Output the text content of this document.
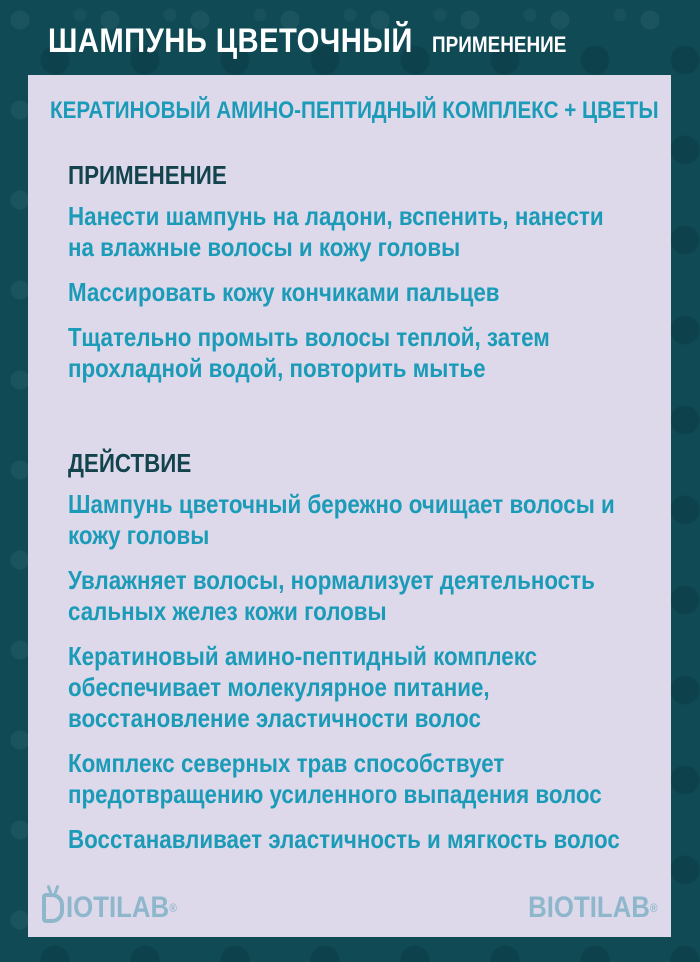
ШАМПУНЬ ЦВЕТОЧНЫЙ ПРИМЕНЕНИЕ
КЕРАТИНОВЫЙ АМИНО-ПЕПТИДНЫЙ КОМПЛЕКС + ЦВЕТЫ
ПРИМЕНЕНИЕ
Нанести шампунь на ладони, вспенить, нанести на влажные волосы и кожу головы
Массировать кожу кончиками пальцев
Тщательно промыть волосы теплой, затем прохладной водой, повторить мытье
ДЕЙСТВИЕ
Шампунь цветочный бережно очищает волосы и кожу головы
Увлажняет волосы, нормализует деятельность сальных желез кожи головы
Кератиновый амино-пептидный комплекс обеспечивает молекулярное питание, восстановление эластичности волос
Комплекс северных трав способствует предотвращению усиленного выпадения волос
Восстанавливает эластичность и мягкость волос
IOTILAB®	BIOTILAB®
